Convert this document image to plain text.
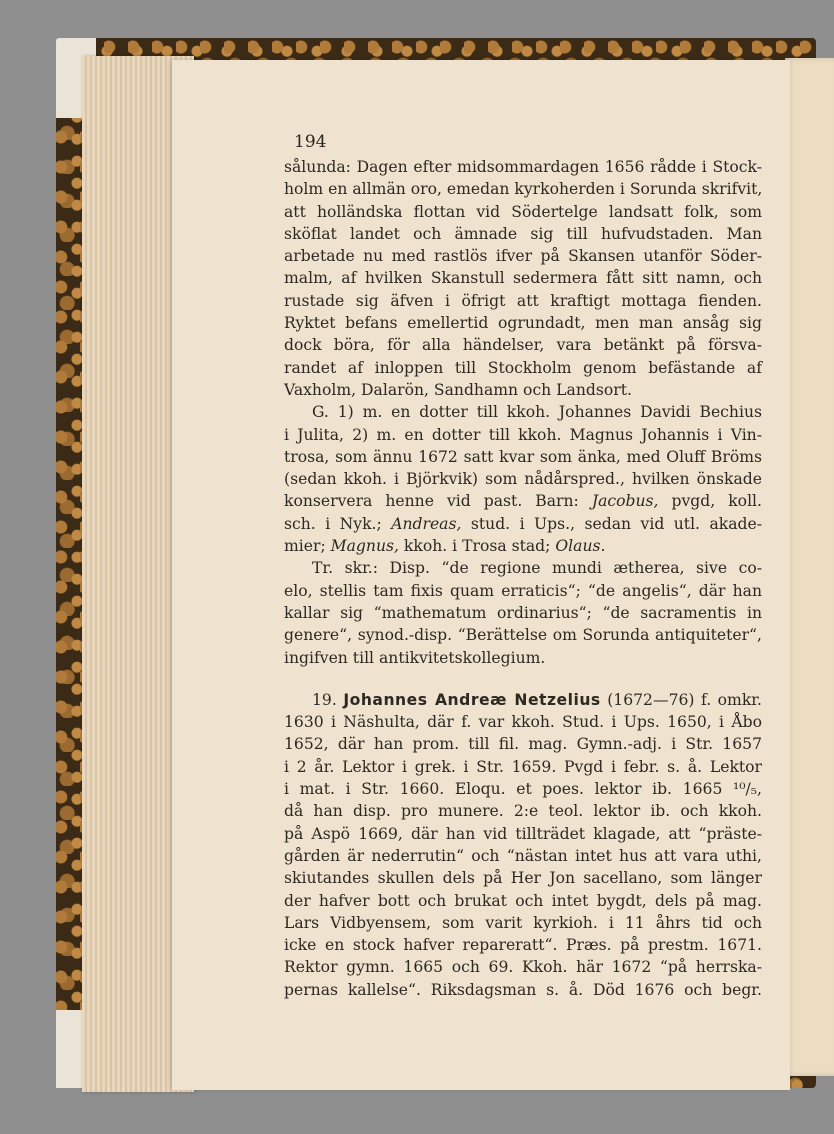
194
sålunda: Dagen efter midsommardagen 1656 rådde i Stock-
holm en allmän oro, emedan kyrkoherden i Sorunda skrifvit,
att holländska flottan vid Södertelge landsatt folk, som
sköflat landet och ämnade sig till hufvudstaden. Man
arbetade nu med rastlös ifver på Skansen utanför Söder-
malm, af hvilken Skanstull sedermera fått sitt namn, och
rustade sig äfven i öfrigt att kraftigt mottaga fienden.
Ryktet befans emellertid ogrundadt, men man ansåg sig
dock böra, för alla händelser, vara betänkt på försva-
randet af inloppen till Stockholm genom befästande af
Vaxholm, Dalarön, Sandhamn och Landsort.
G. 1) m. en dotter till kkoh. Johannes Davidi Bechius
i Julita, 2) m. en dotter till kkoh. Magnus Johannis i Vin-
trosa, som ännu 1672 satt kvar som änka, med Oluff Bröms
(sedan kkoh. i Björkvik) som nådårspred., hvilken önskade
konservera henne vid past. Barn: Jacobus, pvgd, koll.
sch. i Nyk.; Andreas, stud. i Ups., sedan vid utl. akade-
mier; Magnus, kkoh. i Trosa stad; Olaus.
Tr. skr.: Disp. “de regione mundi ætherea, sive co-
elo, stellis tam fixis quam erraticis“; “de angelis“, där han
kallar sig “mathematum ordinarius“; “de sacramentis in
genere“, synod.-disp. “Berättelse om Sorunda antiquiteter“,
ingifven till antikvitetskollegium.
19. Johannes Andreæ Netzelius (1672—76) f. omkr.
1630 i Näshulta, där f. var kkoh. Stud. i Ups. 1650, i Åbo
1652, där han prom. till fil. mag. Gymn.-adj. i Str. 1657
i 2 år. Lektor i grek. i Str. 1659. Pvgd i febr. s. å. Lektor
i mat. i Str. 1660. Eloqu. et poes. lektor ib. 1665 ¹⁰/₅,
då han disp. pro munere. 2:e teol. lektor ib. och kkoh.
på Aspö 1669, där han vid tillträdet klagade, att “präste-
gården är nederrutin“ och “nästan intet hus att vara uthi,
skiutandes skullen dels på Her Jon sacellano, som länger
der hafver bott och brukat och intet bygdt, dels på mag.
Lars Vidbyensem, som varit kyrkioh. i 11 åhrs tid och
icke en stock hafver repareratt“. Præs. på prestm. 1671.
Rektor gymn. 1665 och 69. Kkoh. här 1672 “på herrska-
pernas kallelse“. Riksdagsman s. å. Död 1676 och begr.
